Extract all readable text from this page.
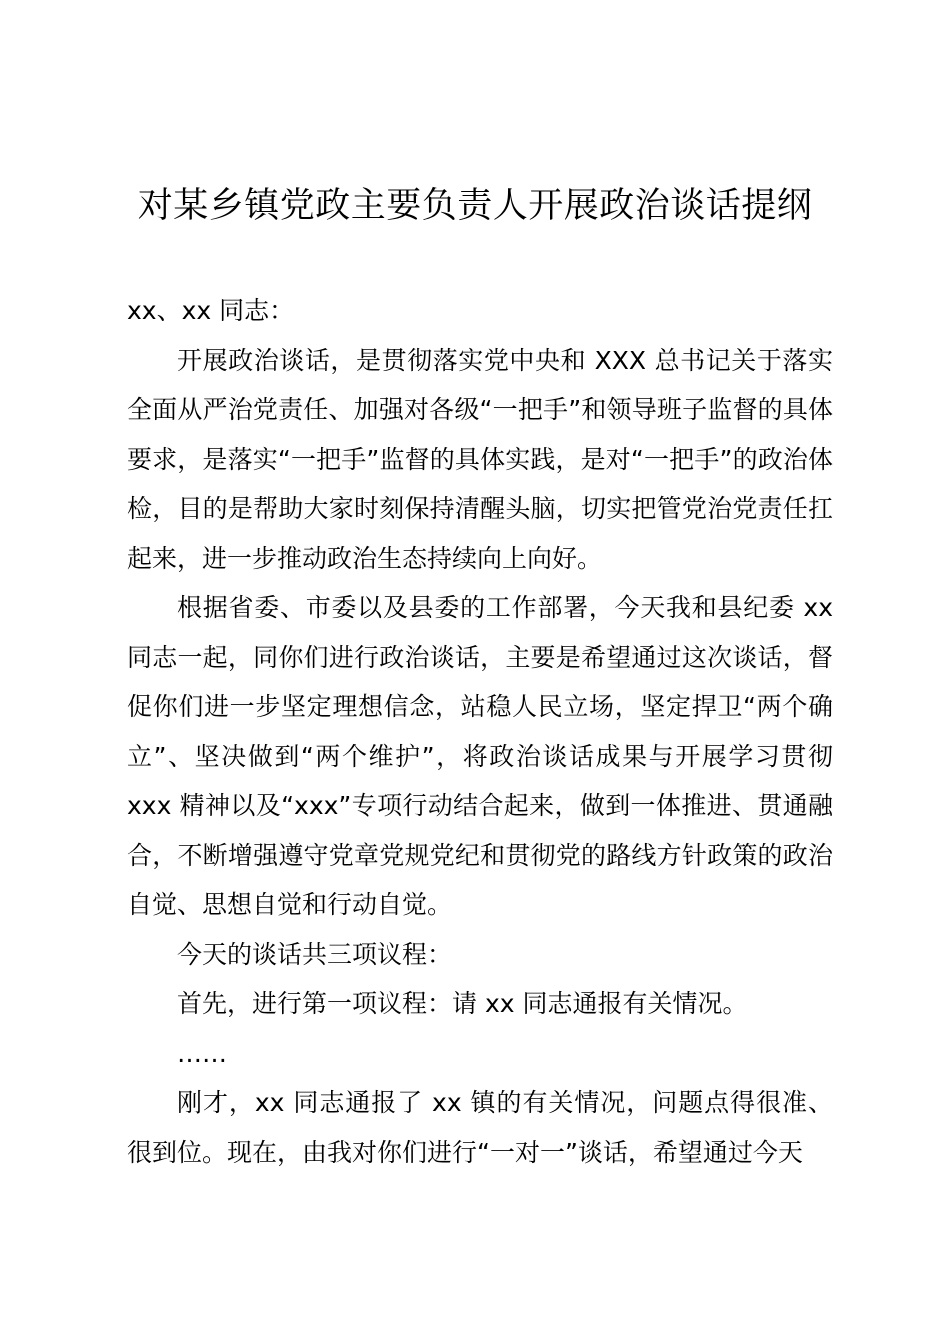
对某乡镇党政主要负责人开展政治谈话提纲

xx、xx 同志：

开展政治谈话，是贯彻落实党中央和 XXX 总书记关于落实全面从严治党责任、加强对各级“一把手”和领导班子监督的具体要求，是落实“一把手”监督的具体实践，是对“一把手”的政治体检，目的是帮助大家时刻保持清醒头脑，切实把管党治党责任扛起来，进一步推动政治生态持续向上向好。

根据省委、市委以及县委的工作部署，今天我和县纪委 xx 同志一起，同你们进行政治谈话，主要是希望通过这次谈话，督促你们进一步坚定理想信念，站稳人民立场，坚定捍卫“两个确立”、坚决做到“两个维护”，将政治谈话成果与开展学习贯彻 xxx 精神以及“xxx”专项行动结合起来，做到一体推进、贯通融合，不断增强遵守党章党规党纪和贯彻党的路线方针政策的政治自觉、思想自觉和行动自觉。

今天的谈话共三项议程：

首先，进行第一项议程：请 xx 同志通报有关情况。

……

刚才，xx 同志通报了 xx 镇的有关情况，问题点得很准、很到位。现在，由我对你们进行“一对一”谈话，希望通过今天
